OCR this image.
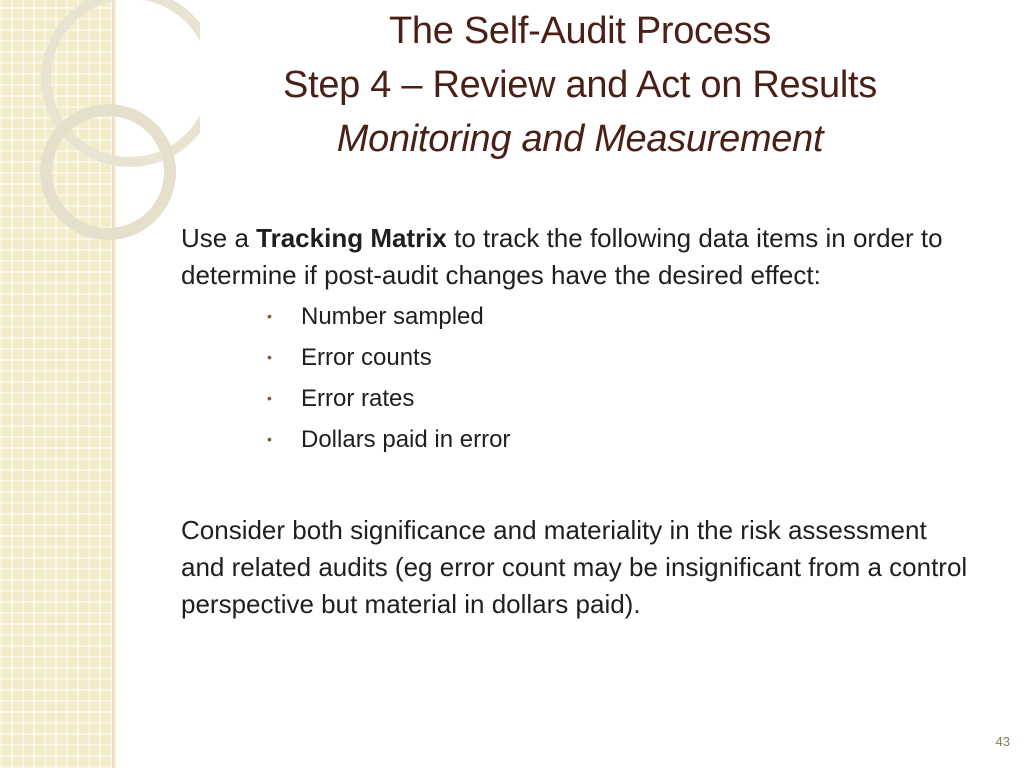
The Self-Audit Process
Step 4 – Review and Act on Results
Monitoring and Measurement

Use a Tracking Matrix to track the following data items in order to determine if post-audit changes have the desired effect:

• Number sampled
• Error counts
• Error rates
• Dollars paid in error

Consider both significance and materiality in the risk assessment and related audits (eg error count may be insignificant from a control perspective but material in dollars paid).

43
